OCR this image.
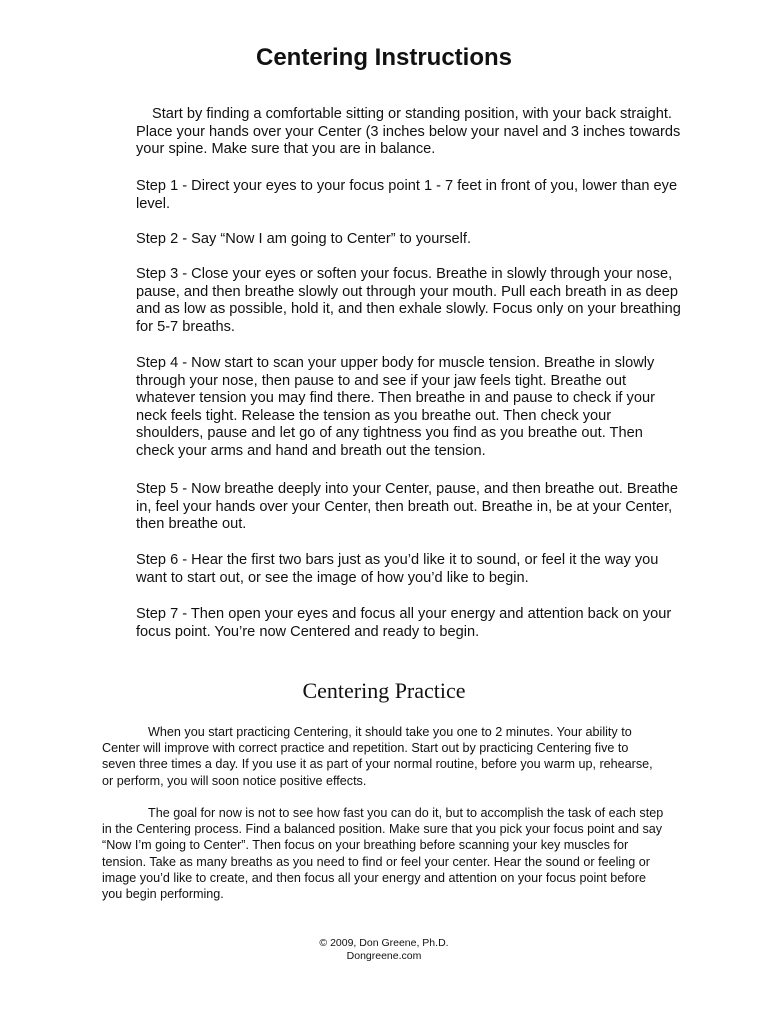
Centering Instructions

Start by finding a comfortable sitting or standing position, with your back straight. Place your hands over your Center (3 inches below your navel and 3 inches towards your spine. Make sure that you are in balance.

Step 1 - Direct your eyes to your focus point 1 - 7 feet in front of you, lower than eye level.

Step 2 - Say “Now I am going to Center” to yourself.

Step 3 - Close your eyes or soften your focus. Breathe in slowly through your nose, pause, and then breathe slowly out through your mouth. Pull each breath in as deep and as low as possible, hold it, and then exhale slowly. Focus only on your breathing for 5-7 breaths.

Step 4 - Now start to scan your upper body for muscle tension. Breathe in slowly through your nose, then pause to and see if your jaw feels tight. Breathe out whatever tension you may find there. Then breathe in and pause to check if your neck feels tight. Release the tension as you breathe out. Then check your shoulders, pause and let go of any tightness you find as you breathe out. Then check your arms and hand and breath out the tension.

Step 5 - Now breathe deeply into your Center, pause, and then breathe out. Breathe in, feel your hands over your Center, then breath out. Breathe in, be at your Center, then breathe out.

Step 6 - Hear the first two bars just as you’d like it to sound, or feel it the way you want to start out, or see the image of how you’d like to begin.

Step 7 - Then open your eyes and focus all your energy and attention back on your focus point. You’re now Centered and ready to begin.

Centering Practice

When you start practicing Centering, it should take you one to 2 minutes. Your ability to Center will improve with correct practice and repetition. Start out by practicing Centering five to seven three times a day. If you use it as part of your normal routine, before you warm up, rehearse, or perform, you will soon notice positive effects.

The goal for now is not to see how fast you can do it, but to accomplish the task of each step in the Centering process. Find a balanced position. Make sure that you pick your focus point and say “Now I’m going to Center”. Then focus on your breathing before scanning your key muscles for tension. Take as many breaths as you need to find or feel your center. Hear the sound or feeling or image you’d like to create, and then focus all your energy and attention on your focus point before you begin performing.

© 2009, Don Greene, Ph.D.

Dongreene.com
